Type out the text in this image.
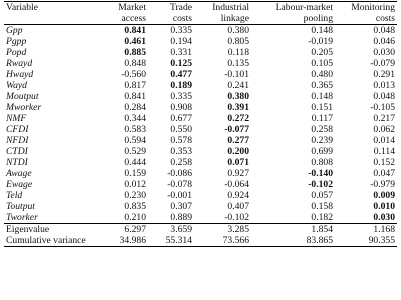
Variable	Market	Trade	Industrial	Labour-market	Monitoring
	access	costs	linkage	pooling	costs
Gpp	0.841	0.335	0.380	0.148	0.048
Pgpp	0.461	0.194	0.805	-0.019	0.046
Popd	0.885	0.331	0.118	0.205	0.030
Rwayd	0.848	0.125	0.135	0.105	-0.079
Hwayd	-0.560	0.477	-0.101	0.480	0.291
Wayd	0.817	0.189	0.241	0.365	0.013
Moutput	0.841	0.335	0.380	0.148	0.048
Mworker	0.284	0.908	0.391	0.151	-0.105
NMF	0.344	0.677	0.272	0.117	0.217
CFDI	0.583	0.550	-0.077	0.258	0.062
NFDI	0.594	0.578	0.277	0.239	0.014
CTDI	0.529	0.353	0.200	0.699	0.114
NTDI	0.444	0.258	0.071	0.808	0.152
Awage	0.159	-0.086	0.927	-0.140	0.047
Ewage	0.012	-0.078	-0.064	-0.102	-0.979
Teld	0.230	-0.001	0.924	0.057	0.009
Toutput	0.835	0.307	0.407	0.158	0.010
Tworker	0.210	0.889	-0.102	0.182	0.030
Eigenvalue	6.297	3.659	3.285	1.854	1.168
Cumulative variance	34.986	55.314	73.566	83.865	90.355
